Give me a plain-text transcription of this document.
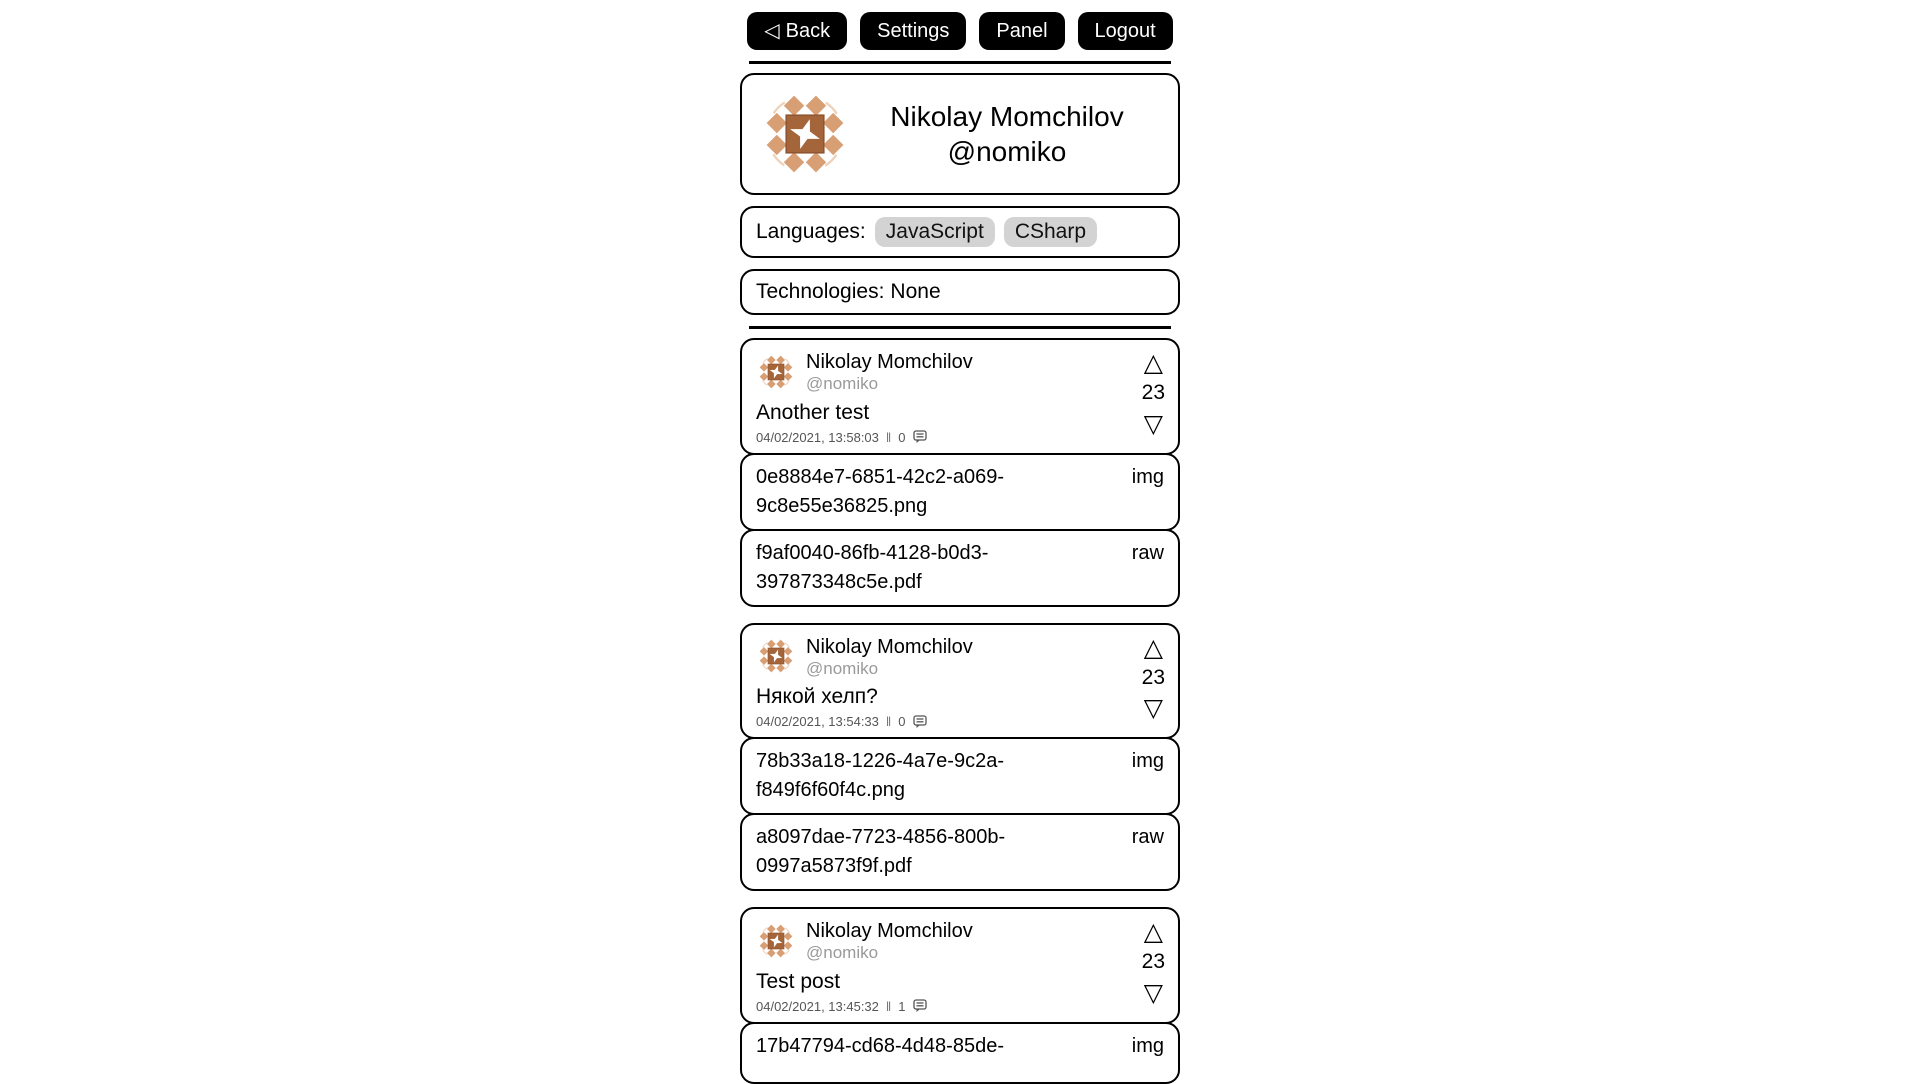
◁ Back Settings Panel Logout
Nikolay Momchilov
@nomiko
Languages: JavaScript	CSharp
Technologies: None
Nikolay Momchilov
@nomiko
Another test
04/02/2021, 13:58:03 ‖ 0
△
23
▽
0e8884e7-6851-42c2-a069-9c8e55e36825.png
img
f9af0040-86fb-4128-b0d3-397873348c5e.pdf
raw
Nikolay Momchilov
@nomiko
Някой хелп?
04/02/2021, 13:54:33 ‖ 0
△
23
▽
78b33a18-1226-4a7e-9c2a-f849f6f60f4c.png
img
a8097dae-7723-4856-800b-0997a5873f9f.pdf
raw
Nikolay Momchilov
@nomiko
Test post
04/02/2021, 13:45:32 ‖ 1
△
23
▽
17b47794-cd68-4d48-85de-	img
